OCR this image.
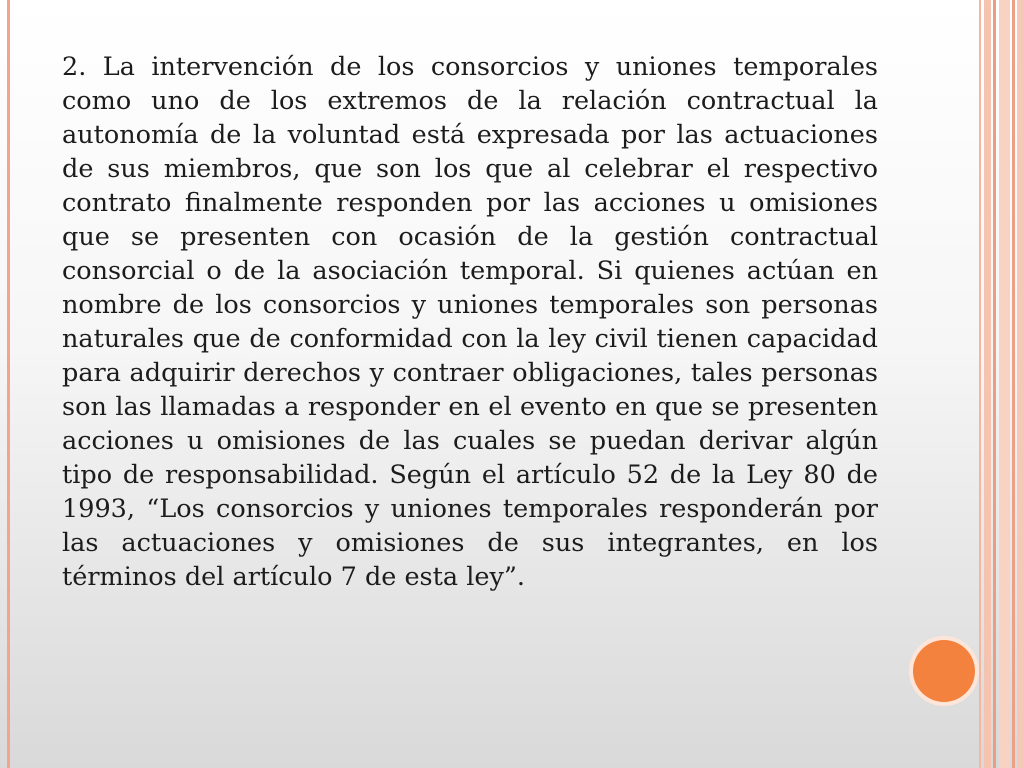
2. La intervención de los consorcios y uniones temporales como uno de los extremos de la relación contractual la autonomía de la voluntad está expresada por las actuaciones de sus miembros, que son los que al celebrar el respectivo contrato finalmente responden por las acciones u omisiones que se presenten con ocasión de la gestión contractual consorcial o de la asociación temporal. Si quienes actúan en nombre de los consorcios y uniones temporales son personas naturales que de conformidad con la ley civil tienen capacidad para adquirir derechos y contraer obligaciones, tales personas son las llamadas a responder en el evento en que se presenten acciones u omisiones de las cuales se puedan derivar algún tipo de responsabilidad. Según el artículo 52 de la Ley 80 de 1993, “Los consorcios y uniones temporales responderán por las actuaciones y omisiones de sus integrantes, en los términos del artículo 7 de esta ley”.
